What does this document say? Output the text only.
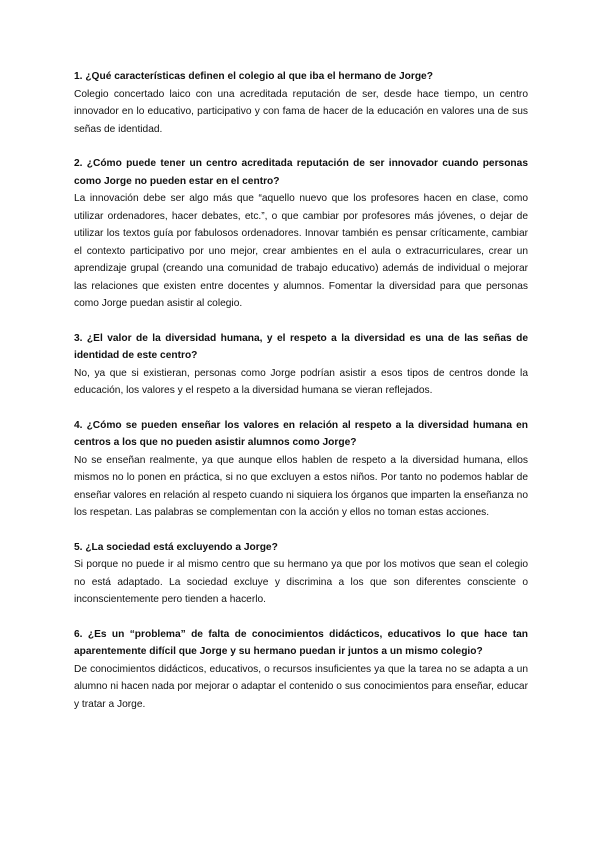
1. ¿Qué características definen el colegio al que iba el hermano de Jorge?

Colegio concertado laico con una acreditada reputación de ser, desde hace tiempo, un centro innovador en lo educativo, participativo y con fama de hacer de la educación en valores una de sus señas de identidad.

2. ¿Cómo puede tener un centro acreditada reputación de ser innovador cuando personas como Jorge no pueden estar en el centro?

La innovación debe ser algo más que “aquello nuevo que los profesores hacen en clase, como utilizar ordenadores, hacer debates, etc.”, o que cambiar por profesores más jóvenes, o dejar de utilizar los textos guía por fabulosos ordenadores. Innovar también es pensar críticamente, cambiar el contexto participativo por uno mejor, crear ambientes en el aula o extracurriculares, crear un aprendizaje grupal (creando una comunidad de trabajo educativo) además de individual o mejorar las relaciones que existen entre docentes y alumnos. Fomentar la diversidad para que personas como Jorge puedan asistir al colegio.

3. ¿El valor de la diversidad humana, y el respeto a la diversidad es una de las señas de identidad de este centro?

No, ya que si existieran, personas como Jorge podrían asistir a esos tipos de centros donde la educación, los valores y el respeto a la diversidad humana se vieran reflejados.

4. ¿Cómo se pueden enseñar los valores en relación al respeto a la diversidad humana en centros a los que no pueden asistir alumnos como Jorge?

No se enseñan realmente, ya que aunque ellos hablen de respeto a la diversidad humana, ellos mismos no lo ponen en práctica, si no que excluyen a estos niños. Por tanto no podemos hablar de enseñar valores en relación al respeto cuando ni siquiera los órganos que imparten la enseñanza no los respetan. Las palabras se complementan con la acción y ellos no toman estas acciones.

5. ¿La sociedad está excluyendo a Jorge?

Si porque no puede ir al mismo centro que su hermano ya que por los motivos que sean el colegio no está adaptado. La sociedad excluye y discrimina a los que son diferentes consciente o inconscientemente pero tienden a hacerlo.

6. ¿Es un “problema” de falta de conocimientos didácticos, educativos lo que hace tan aparentemente difícil que Jorge y su hermano puedan ir juntos a un mismo colegio?

De conocimientos didácticos, educativos, o recursos insuficientes ya que la tarea no se adapta a un alumno ni hacen nada por mejorar o adaptar el contenido o sus conocimientos para enseñar, educar y tratar a Jorge.
